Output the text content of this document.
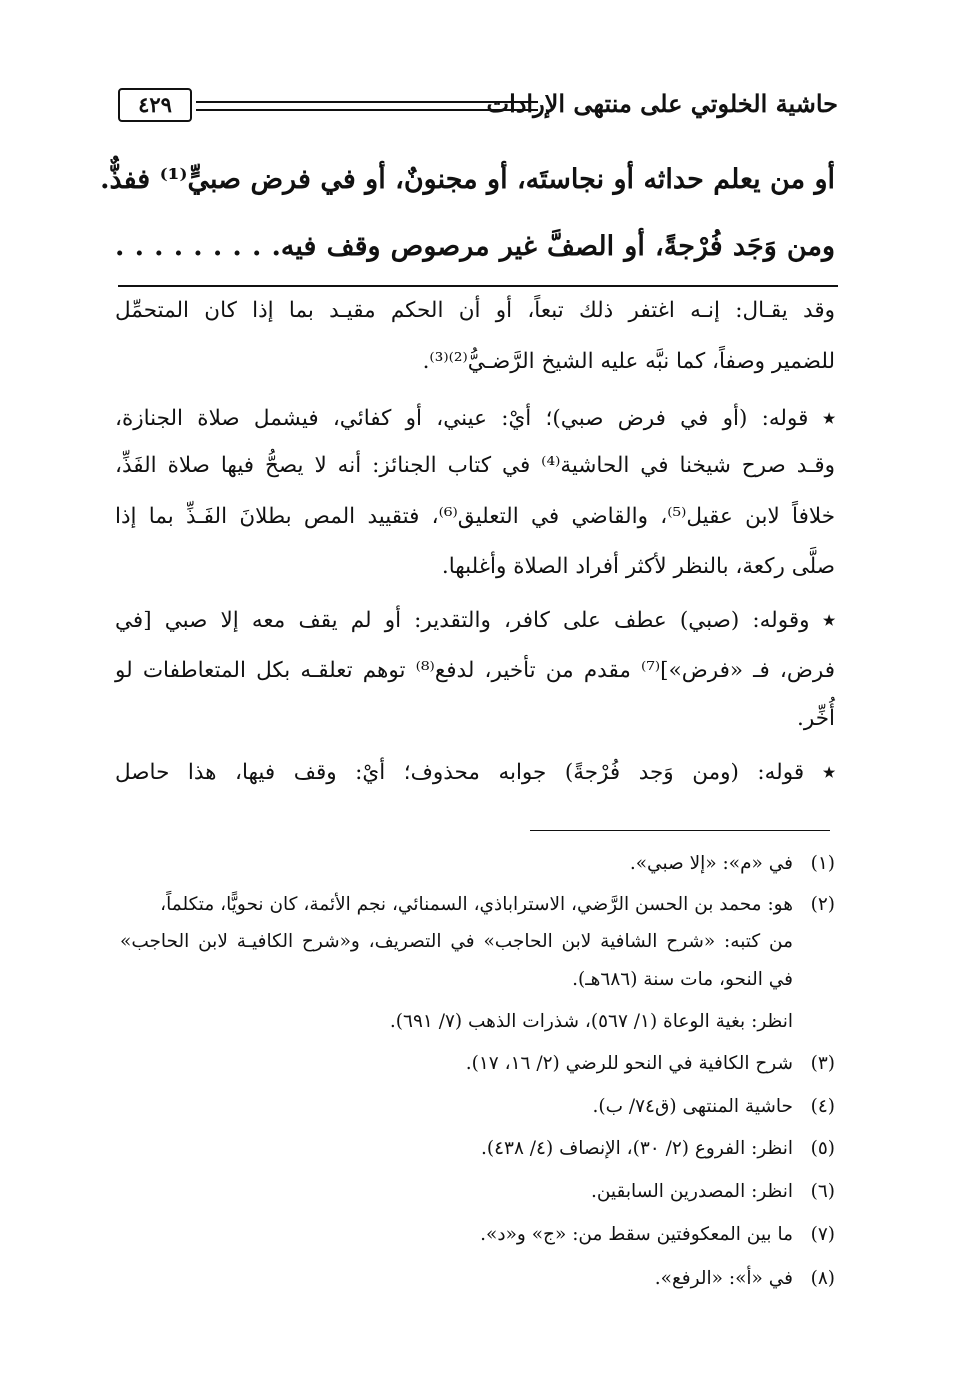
حاشية الخلوتي على منتهى الإرادات
٤٢٩
أو من يعلم حداثه أو نجاستَه، أو مجنونٌ، أو في فرض صبيٍّ⁽¹⁾ ففذٌّ.
ومن وَجَد فُرْجةً، أو الصفَّ غير مرصوص وقف فيه. . . . . . . . .
وقد يقـال: إنـه اغتفر ذلك تبعاً، أو أن الحكم مقيـد بما إذا كان المتحمِّل
للضمير وصفاً، كما نبَّه عليه الشيخ الرَّضـيُّ⁽²⁾⁽³⁾.
٭ قوله: (أو في فرض صبي)؛ أيْ: عيني، أو كفائي، فيشمل صلاة الجنازة،
وقـد صرح شيخنا في الحاشية⁽⁴⁾ في كتاب الجنائز: أنه لا يصحُّ فيها صلاة الفَذِّ،
خلافاً لابن عقيل⁽⁵⁾، والقاضي في التعليق⁽⁶⁾، فتقييد المص بطلانَ الفَـذِّ بما إذا
صلَّى ركعة، بالنظر لأكثر أفراد الصلاة وأغلبها.
٭ وقوله: (صبي) عطف على كافر، والتقدير: أو لم يقف معه إلا صبي [في
فرض، فـ «فرض»]⁽⁷⁾ مقدم من تأخير، لدفع⁽⁸⁾ توهم تعلقـه بكل المتعاطفات لو
أُخِّر.
٭ قوله: (ومن وَجد فُرْجةً) جوابه محذوف؛ أيْ: وقف فيها، هذا حاصل
(١)في «م»: «إلا صبي».
(٢)هو: محمد بن الحسن الرَّضي، الاستراباذي، السمنائي، نجم الأئمة، كان نحويًّا، متكلماً،
من كتبه: «شرح الشافية لابن الحاجب» في التصريف، و«شرح الكافيـة لابن الحاجب»
في النحو، مات سنة (٦٨٦هـ).
انظر: بغية الوعاة (١/ ٥٦٧)، شذرات الذهب (٧/ ٦٩١).
(٣)شرح الكافية في النحو للرضي (٢/ ١٦، ١٧).
(٤)حاشية المنتهى (ق٧٤/ ب).
(٥)انظر: الفروع (٢/ ٣٠)، الإنصاف (٤/ ٤٣٨).
(٦)انظر: المصدرين السابقين.
(٧)ما بين المعكوفتين سقط من: «ج» و«د».
(٨)في «أ»: «الرفع».
